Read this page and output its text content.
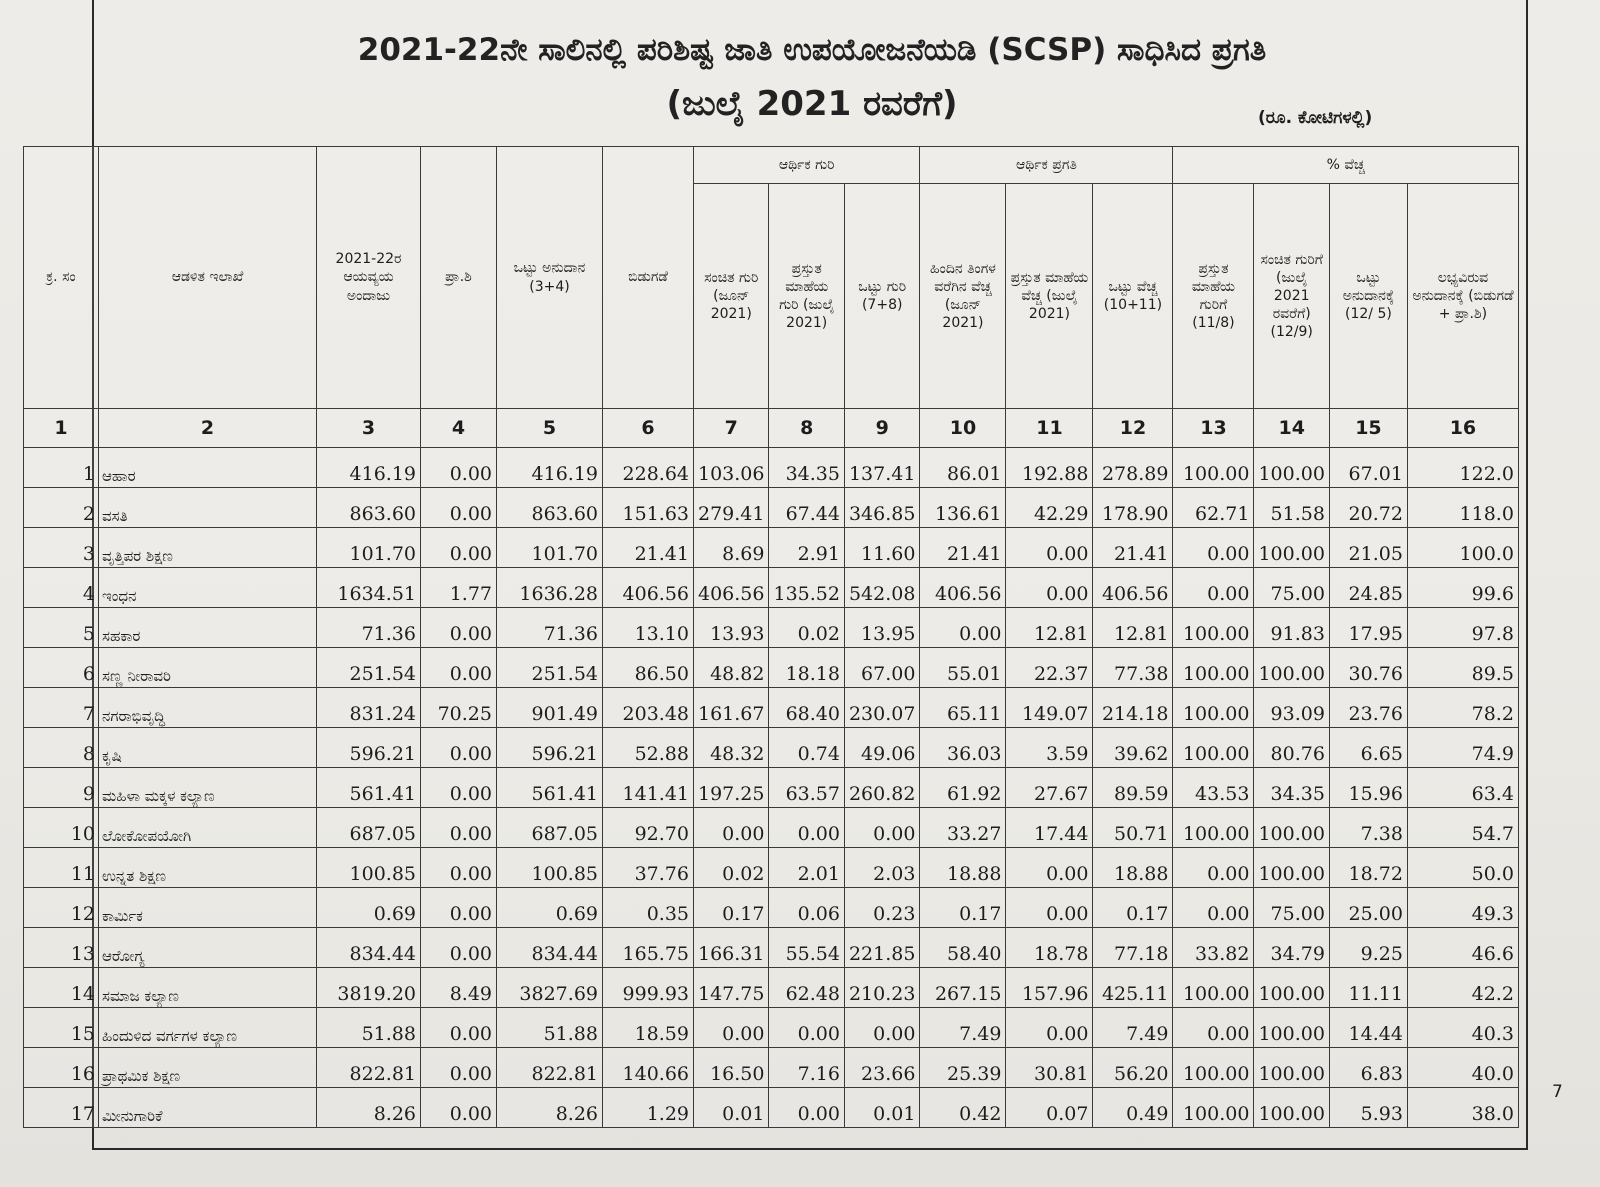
2021-22ನೇ ಸಾಲಿನಲ್ಲಿ ಪರಿಶಿಷ್ಟ ಜಾತಿ ಉಪಯೋಜನೆಯಡಿ (SCSP) ಸಾಧಿಸಿದ ಪ್ರಗತಿ
(ಜುಲೈ 2021 ರವರೆಗೆ)	(ರೂ. ಕೋಟಿಗಳಲ್ಲಿ)
ಕ್ರ. ಸಂ	ಆಡಳಿತ ಇಲಾಖೆ	2021-22ರ ಆಯವ್ಯಯ ಅಂದಾಜು	ಪ್ರಾ.ಶಿ	ಒಟ್ಟು ಅನುದಾನ (3+4)	ಬಿಡುಗಡೆ	ಆರ್ಥಿಕ ಗುರಿ			ಆರ್ಥಿಕ ಪ್ರಗತಿ			% ವೆಚ್ಚ			
						ಸಂಚಿತ ಗುರಿ (ಜೂನ್ 2021)	ಪ್ರಸ್ತುತ ಮಾಹೆಯ ಗುರಿ (ಜುಲೈ 2021)	ಒಟ್ಟು ಗುರಿ (7+8)	ಹಿಂದಿನ ತಿಂಗಳ ವರೆಗಿನ ವೆಚ್ಚ (ಜೂನ್ 2021)	ಪ್ರಸ್ತುತ ಮಾಹೆಯ ವೆಚ್ಚ (ಜುಲೈ 2021)	ಒಟ್ಟು ವೆಚ್ಚ (10+11)	ಪ್ರಸ್ತುತ ಮಾಹೆಯ ಗುರಿಗೆ (11/8)	ಸಂಚಿತ ಗುರಿಗೆ (ಜುಲೈ 2021 ರವರೆಗೆ) (12/9)	ಒಟ್ಟು ಅನುದಾನಕ್ಕೆ (12/ 5)	ಲಭ್ಯವಿರುವ ಅನುದಾನಕ್ಕೆ (ಬಿಡುಗಡೆ + ಪ್ರಾ.ಶಿ)
1	2	3	4	5	6	7	8	9	10	11	12	13	14	15	16
1	ಆಹಾರ	416.19	0.00	416.19	228.64	103.06	34.35	137.41	86.01	192.88	278.89	100.00	100.00	67.01	122.0
2	ವಸತಿ	863.60	0.00	863.60	151.63	279.41	67.44	346.85	136.61	42.29	178.90	62.71	51.58	20.72	118.0
3	ವೃತ್ತಿಪರ ಶಿಕ್ಷಣ	101.70	0.00	101.70	21.41	8.69	2.91	11.60	21.41	0.00	21.41	0.00	100.00	21.05	100.0
4	ಇಂಧನ	1634.51	1.77	1636.28	406.56	406.56	135.52	542.08	406.56	0.00	406.56	0.00	75.00	24.85	99.6
5	ಸಹಕಾರ	71.36	0.00	71.36	13.10	13.93	0.02	13.95	0.00	12.81	12.81	100.00	91.83	17.95	97.8
6	ಸಣ್ಣ ನೀರಾವರಿ	251.54	0.00	251.54	86.50	48.82	18.18	67.00	55.01	22.37	77.38	100.00	100.00	30.76	89.5
7	ನಗರಾಭಿವೃದ್ಧಿ	831.24	70.25	901.49	203.48	161.67	68.40	230.07	65.11	149.07	214.18	100.00	93.09	23.76	78.2
8	ಕೃಷಿ	596.21	0.00	596.21	52.88	48.32	0.74	49.06	36.03	3.59	39.62	100.00	80.76	6.65	74.9
9	ಮಹಿಳಾ ಮಕ್ಕಳ ಕಲ್ಯಾಣ	561.41	0.00	561.41	141.41	197.25	63.57	260.82	61.92	27.67	89.59	43.53	34.35	15.96	63.4
10	ಲೋಕೋಪಯೋಗಿ	687.05	0.00	687.05	92.70	0.00	0.00	0.00	33.27	17.44	50.71	100.00	100.00	7.38	54.7
11	ಉನ್ನತ ಶಿಕ್ಷಣ	100.85	0.00	100.85	37.76	0.02	2.01	2.03	18.88	0.00	18.88	0.00	100.00	18.72	50.0
12	ಕಾರ್ಮಿಕ	0.69	0.00	0.69	0.35	0.17	0.06	0.23	0.17	0.00	0.17	0.00	75.00	25.00	49.3
13	ಆರೋಗ್ಯ	834.44	0.00	834.44	165.75	166.31	55.54	221.85	58.40	18.78	77.18	33.82	34.79	9.25	46.6
14	ಸಮಾಜ ಕಲ್ಯಾಣ	3819.20	8.49	3827.69	999.93	147.75	62.48	210.23	267.15	157.96	425.11	100.00	100.00	11.11	42.2
15	ಹಿಂದುಳಿದ ವರ್ಗಗಳ ಕಲ್ಯಾಣ	51.88	0.00	51.88	18.59	0.00	0.00	0.00	7.49	0.00	7.49	0.00	100.00	14.44	40.3
16	ಪ್ರಾಥಮಿಕ ಶಿಕ್ಷಣ	822.81	0.00	822.81	140.66	16.50	7.16	23.66	25.39	30.81	56.20	100.00	100.00	6.83	40.0
17	ಮೀನುಗಾರಿಕೆ	8.26	0.00	8.26	1.29	0.01	0.00	0.01	0.42	0.07	0.49	100.00	100.00	5.93	38.0
7
